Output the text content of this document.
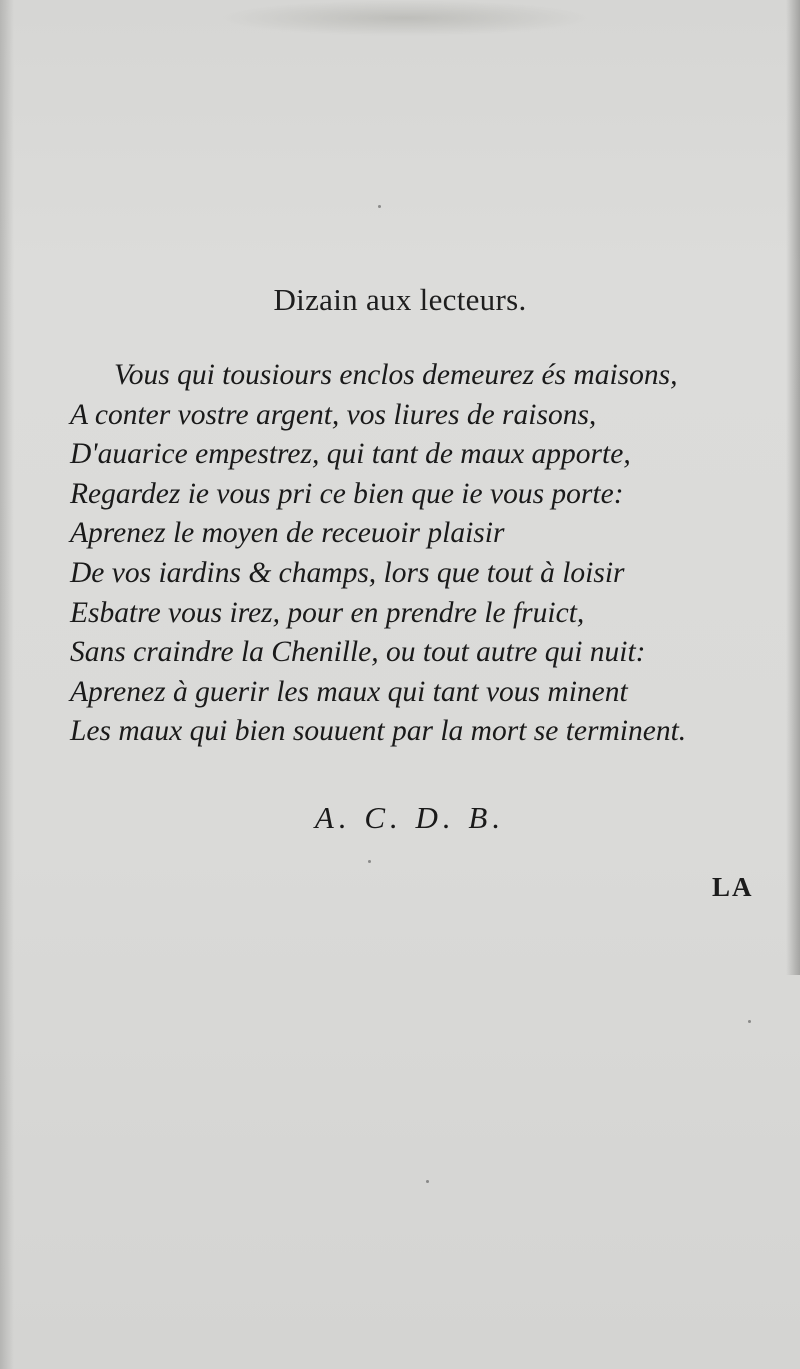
Dizain aux lecteurs.
Vous qui tousiours enclos demeurez és maisons,
A conter vostre argent, vos liures de raisons,
D'auarice empestrez, qui tant de maux apporte,
Regardez ie vous pri ce bien que ie vous porte:
Aprenez le moyen de receuoir plaisir
De vos iardins & champs, lors que tout à loisir
Esbatre vous irez, pour en prendre le fruict,
Sans craindre la Chenille, ou tout autre qui nuit:
Aprenez à guerir les maux qui tant vous minent
Les maux qui bien souuent par la mort se terminent.
A. C. D. B.
LA
